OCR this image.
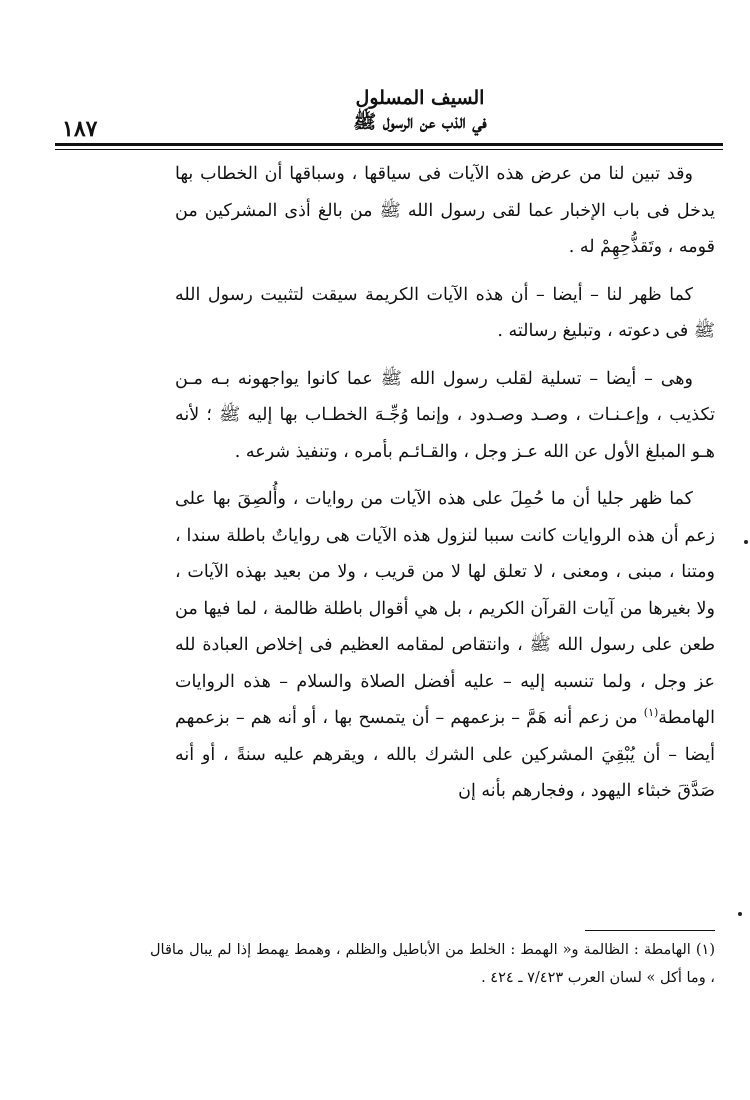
السيف المسلول
في الذب عن الرسول ﷺ
١٨٧

وقد تبين لنا من عرض هذه الآيات فى سياقها ، وسباقها أن الخطاب بها يدخل فى باب الإخبار عما لقى رسول الله ﷺ من بالغ أذى المشركين من قومه ، وتَقذُّحِهِمْ له .

كما ظهر لنا – أيضا – أن هذه الآيات الكريمة سيقت لتثبيت رسول الله ﷺ فى دعوته ، وتبليغ رسالته .

وهى – أيضا – تسلية لقلب رسول الله ﷺ عما كانوا يواجهونه بـه مـن تكذيب ، وإعـنـات ، وصـد وصـدود ، وإنما وُجِّـهَ الخطـاب بها إليه ﷺ ؛ لأنه هـو المبلغ الأول عن الله عـز وجل ، والقـائـم بأمره ، وتنفيذ شرعه .

كما ظهر جليا أن ما حُمِلَ على هذه الآيات من روايات ، وأُلصِقَ بها على زعم أن هذه الروايات كانت سببا لنزول هذه الآيات هى رواياتٌ باطلة سندا ، ومتنا ، مبنى ، ومعنى ، لا تعلق لها لا من قريب ، ولا من بعيد بهذه الآيات ، ولا بغيرها من آيات القرآن الكريم ، بل هي أقوال باطلة ظالمة ، لما فيها من طعن على رسول الله ﷺ ، وانتقاص لمقامه العظيم فى إخلاص العبادة لله عز وجل ، ولما تنسبه إليه – عليه أفضل الصلاة والسلام – هذه الروايات الهامطة$^{(١)}$ من زعم أنه هَمَّ – بزعمهم – أن يتمسح بها ، أو أنه هم – بزعمهم أيضا – أن يُبْقِيَ المشركين على الشرك بالله ، ويقرهم عليه سنةً ، أو أنه صَدَّقَ خبثاء اليهود ، وفجارهم بأنه إن

(١) الهامطة : الظالمة و« الهمط : الخلط من الأباطيل والظلم ، وهمط يهمط إذا لم يبال ماقال ، وما أكل » لسان العرب ٧/٤٢٣ ـ ٤٢٤ .
